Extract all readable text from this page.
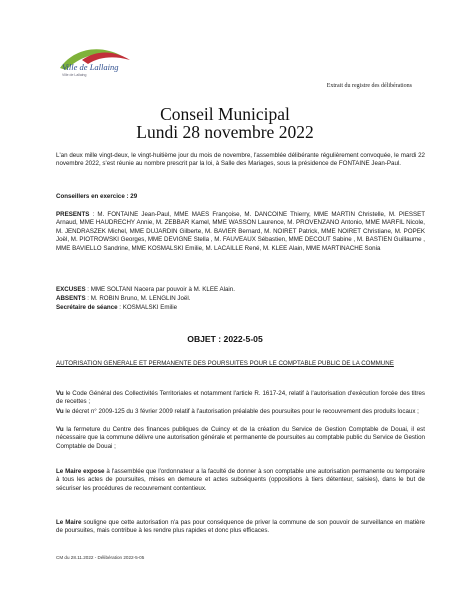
Ville de Lallaing
Ville de Lallaing
Extrait du registre des délibérations
Conseil Municipal
Lundi 28 novembre 2022
L'an deux mille vingt-deux, le vingt-huitième jour du mois de novembre, l'assemblée délibérante régulièrement convoquée, le mardi 22 novembre 2022, s'est réunie au nombre prescrit par la loi, à Salle des Mariages, sous la présidence de FONTAINE Jean-Paul.
Conseillers en exercice : 29
PRESENTS : M. FONTAINE Jean-Paul, MME MAES Françoise, M. DANCOINE Thierry, MME MARTIN Christelle, M. PIESSET Arnaud, MME HAUDRECHY Annie, M. ZEBBAR Kamel, MME WASSON Laurence, M. PROVENZANO Antonio, MME MARFIL Nicole, M. JENDRASZEK Michel, MME DUJARDIN Gilberte, M. BAVIER Bernard, M. NOIRET Patrick, MME NOIRET Christiane, M. POPEK Joël, M. PIOTROWSKI Georges, MME DEVIGNE Stella , M. FAUVEAUX Sébastien, MME DECOUT Sabine , M. BASTIEN Guillaume , MME BAVIELLO Sandrine, MME KOSMALSKI Emilie, M. LACAILLE René, M. KLEE Alain, MME MARTINACHE Sonia
EXCUSES : MME SOLTANI Nacera par pouvoir à M. KLEE Alain.
ABSENTS : M. ROBIN Bruno, M. LENGLIN Joël.
Secrétaire de séance : KOSMALSKI Emilie
OBJET : 2022-5-05
AUTORISATION GENERALE ET PERMANENTE DES POURSUITES POUR LE COMPTABLE PUBLIC DE LA COMMUNE
Vu le Code Général des Collectivités Territoriales et notamment l'article R. 1617-24, relatif à l'autorisation d'exécution forcée des titres de recettes ;
Vu le décret n° 2009-125 du 3 février 2009 relatif à l'autorisation préalable des poursuites pour le recouvrement des produits locaux ;
Vu la fermeture du Centre des finances publiques de Cuincy et de la création du Service de Gestion Comptable de Douai, il est nécessaire que la commune délivre une autorisation générale et permanente de poursuites au comptable public du Service de Gestion Comptable de Douai ;
Le Maire expose à l'assemblée que l'ordonnateur a la faculté de donner à son comptable une autorisation permanente ou temporaire à tous les actes de poursuites, mises en demeure et actes subséquents (oppositions à tiers détenteur, saisies), dans le but de sécuriser les procédures de recouvrement contentieux.
Le Maire souligne que cette autorisation n'a pas pour conséquence de priver la commune de son pouvoir de surveillance en matière de poursuites, mais contribue à les rendre plus rapides et donc plus efficaces.
CM du 28.11.2022 - Délibération 2022-5-05
